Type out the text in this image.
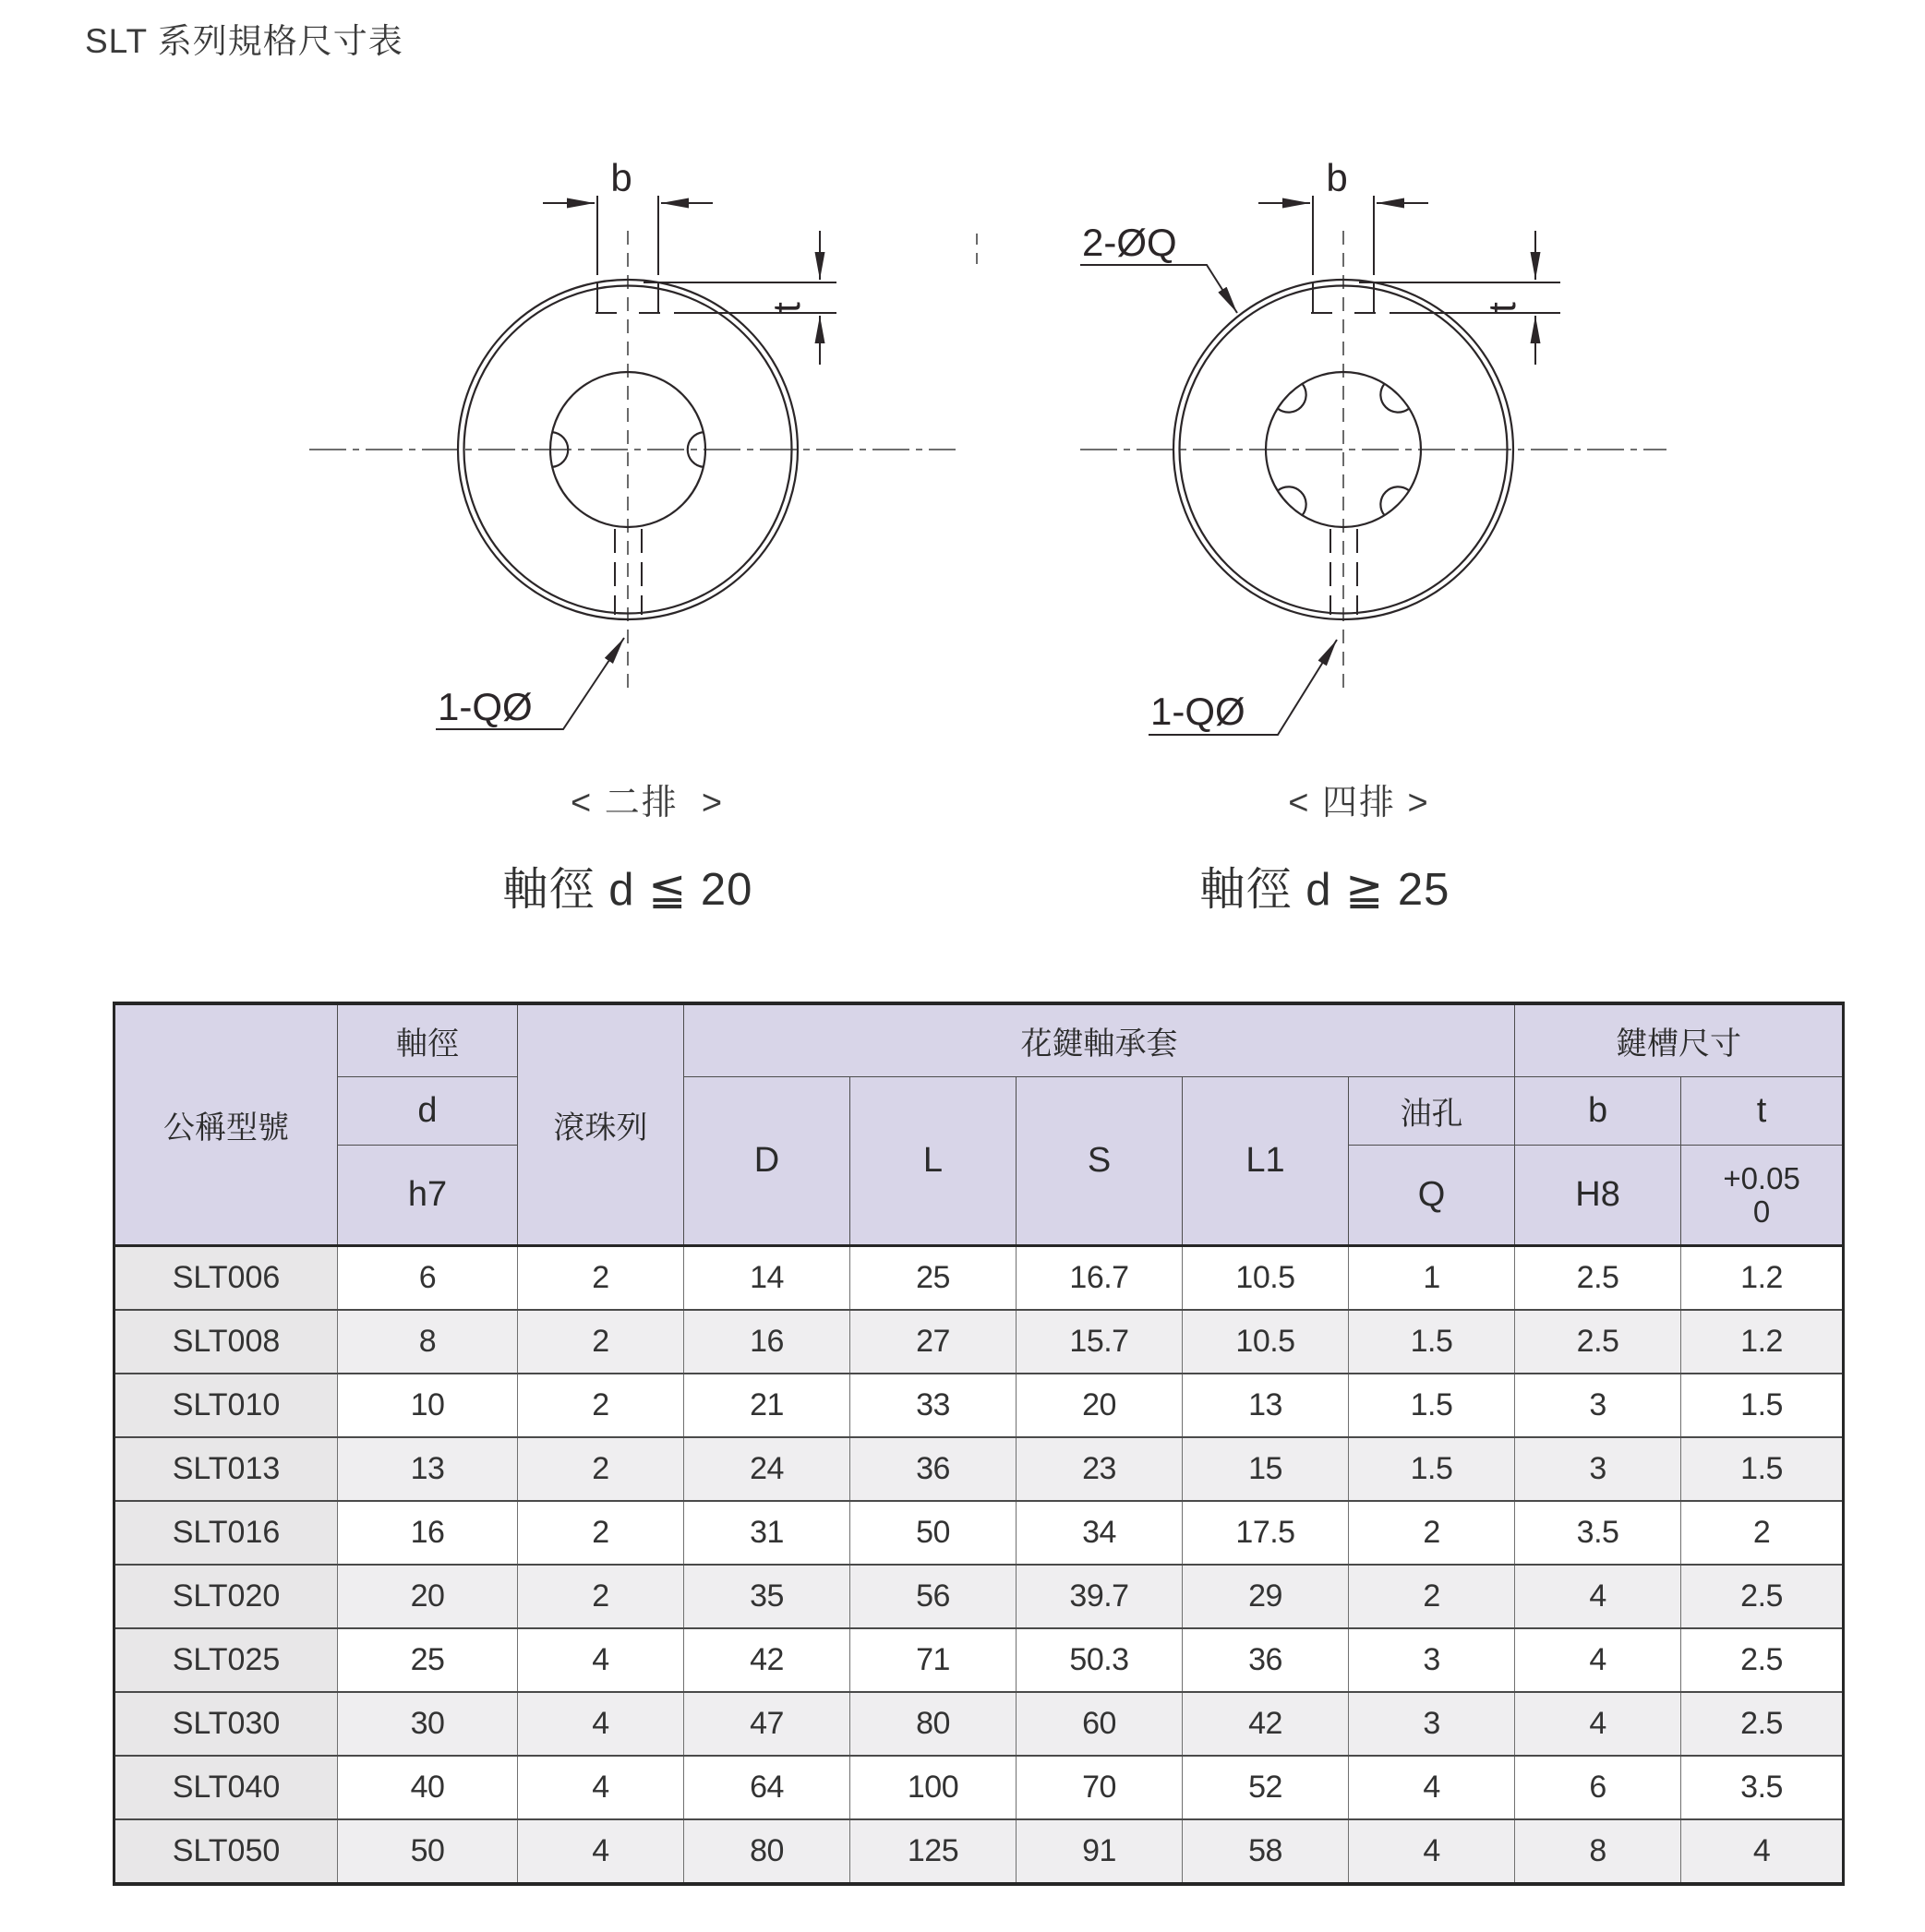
SLT 系列規格尺寸表
b
t
1-QØ
b
t
2-ØQ
1-QØ
< 二排  >	< 四排 >
軸徑 d ≦ 20	軸徑 d ≧ 25
公稱型號	軸徑	滾珠列	花鍵軸承套					鍵槽尺寸	
	d		D	L	S	L1	油孔	b	t
	h7						Q	H8	+0.05
0

SLT006	6	2	14	25	16.7	10.5	1	2.5	1.2
SLT008	8	2	16	27	15.7	10.5	1.5	2.5	1.2
SLT010	10	2	21	33	20	13	1.5	3	1.5
SLT013	13	2	24	36	23	15	1.5	3	1.5
SLT016	16	2	31	50	34	17.5	2	3.5	2
SLT020	20	2	35	56	39.7	29	2	4	2.5
SLT025	25	4	42	71	50.3	36	3	4	2.5
SLT030	30	4	47	80	60	42	3	4	2.5
SLT040	40	4	64	100	70	52	4	6	3.5
SLT050	50	4	80	125	91	58	4	8	4
